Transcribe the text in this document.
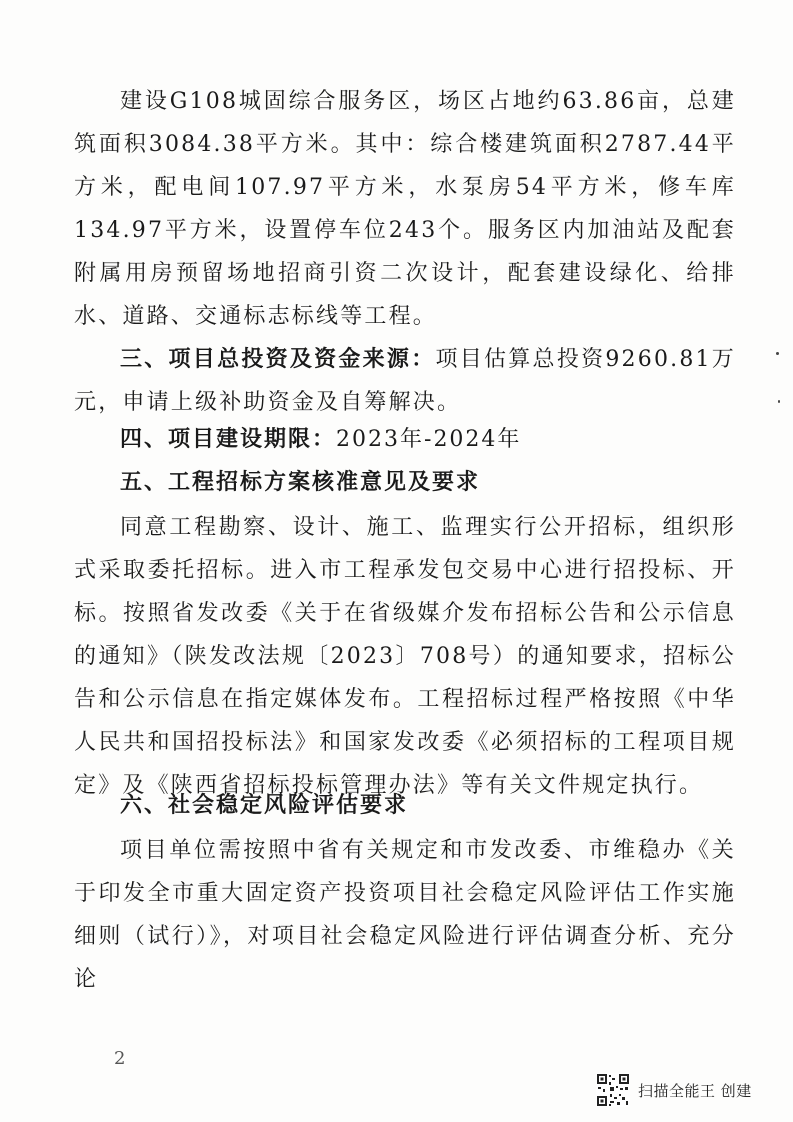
建设G108城固综合服务区，场区占地约63.86亩，总建筑面积3084.38平方米。其中：综合楼建筑面积2787.44平方米，配电间107.97平方米，水泵房54平方米，修车库134.97平方米，设置停车位243个。服务区内加油站及配套附属用房预留场地招商引资二次设计，配套建设绿化、给排水、道路、交通标志标线等工程。

三、项目总投资及资金来源：项目估算总投资9260.81万元，申请上级补助资金及自筹解决。

四、项目建设期限：2023年-2024年

五、工程招标方案核准意见及要求

同意工程勘察、设计、施工、监理实行公开招标，组织形式采取委托招标。进入市工程承发包交易中心进行招投标、开标。按照省发改委《关于在省级媒介发布招标公告和公示信息的通知》（陕发改法规〔2023〕708号）的通知要求，招标公告和公示信息在指定媒体发布。工程招标过程严格按照《中华人民共和国招投标法》和国家发改委《必须招标的工程项目规定》及《陕西省招标投标管理办法》等有关文件规定执行。

六、社会稳定风险评估要求

项目单位需按照中省有关规定和市发改委、市维稳办《关于印发全市重大固定资产投资项目社会稳定风险评估工作实施细则（试行）》，对项目社会稳定风险进行评估调查分析、充分论

2
扫描全能王 创建
